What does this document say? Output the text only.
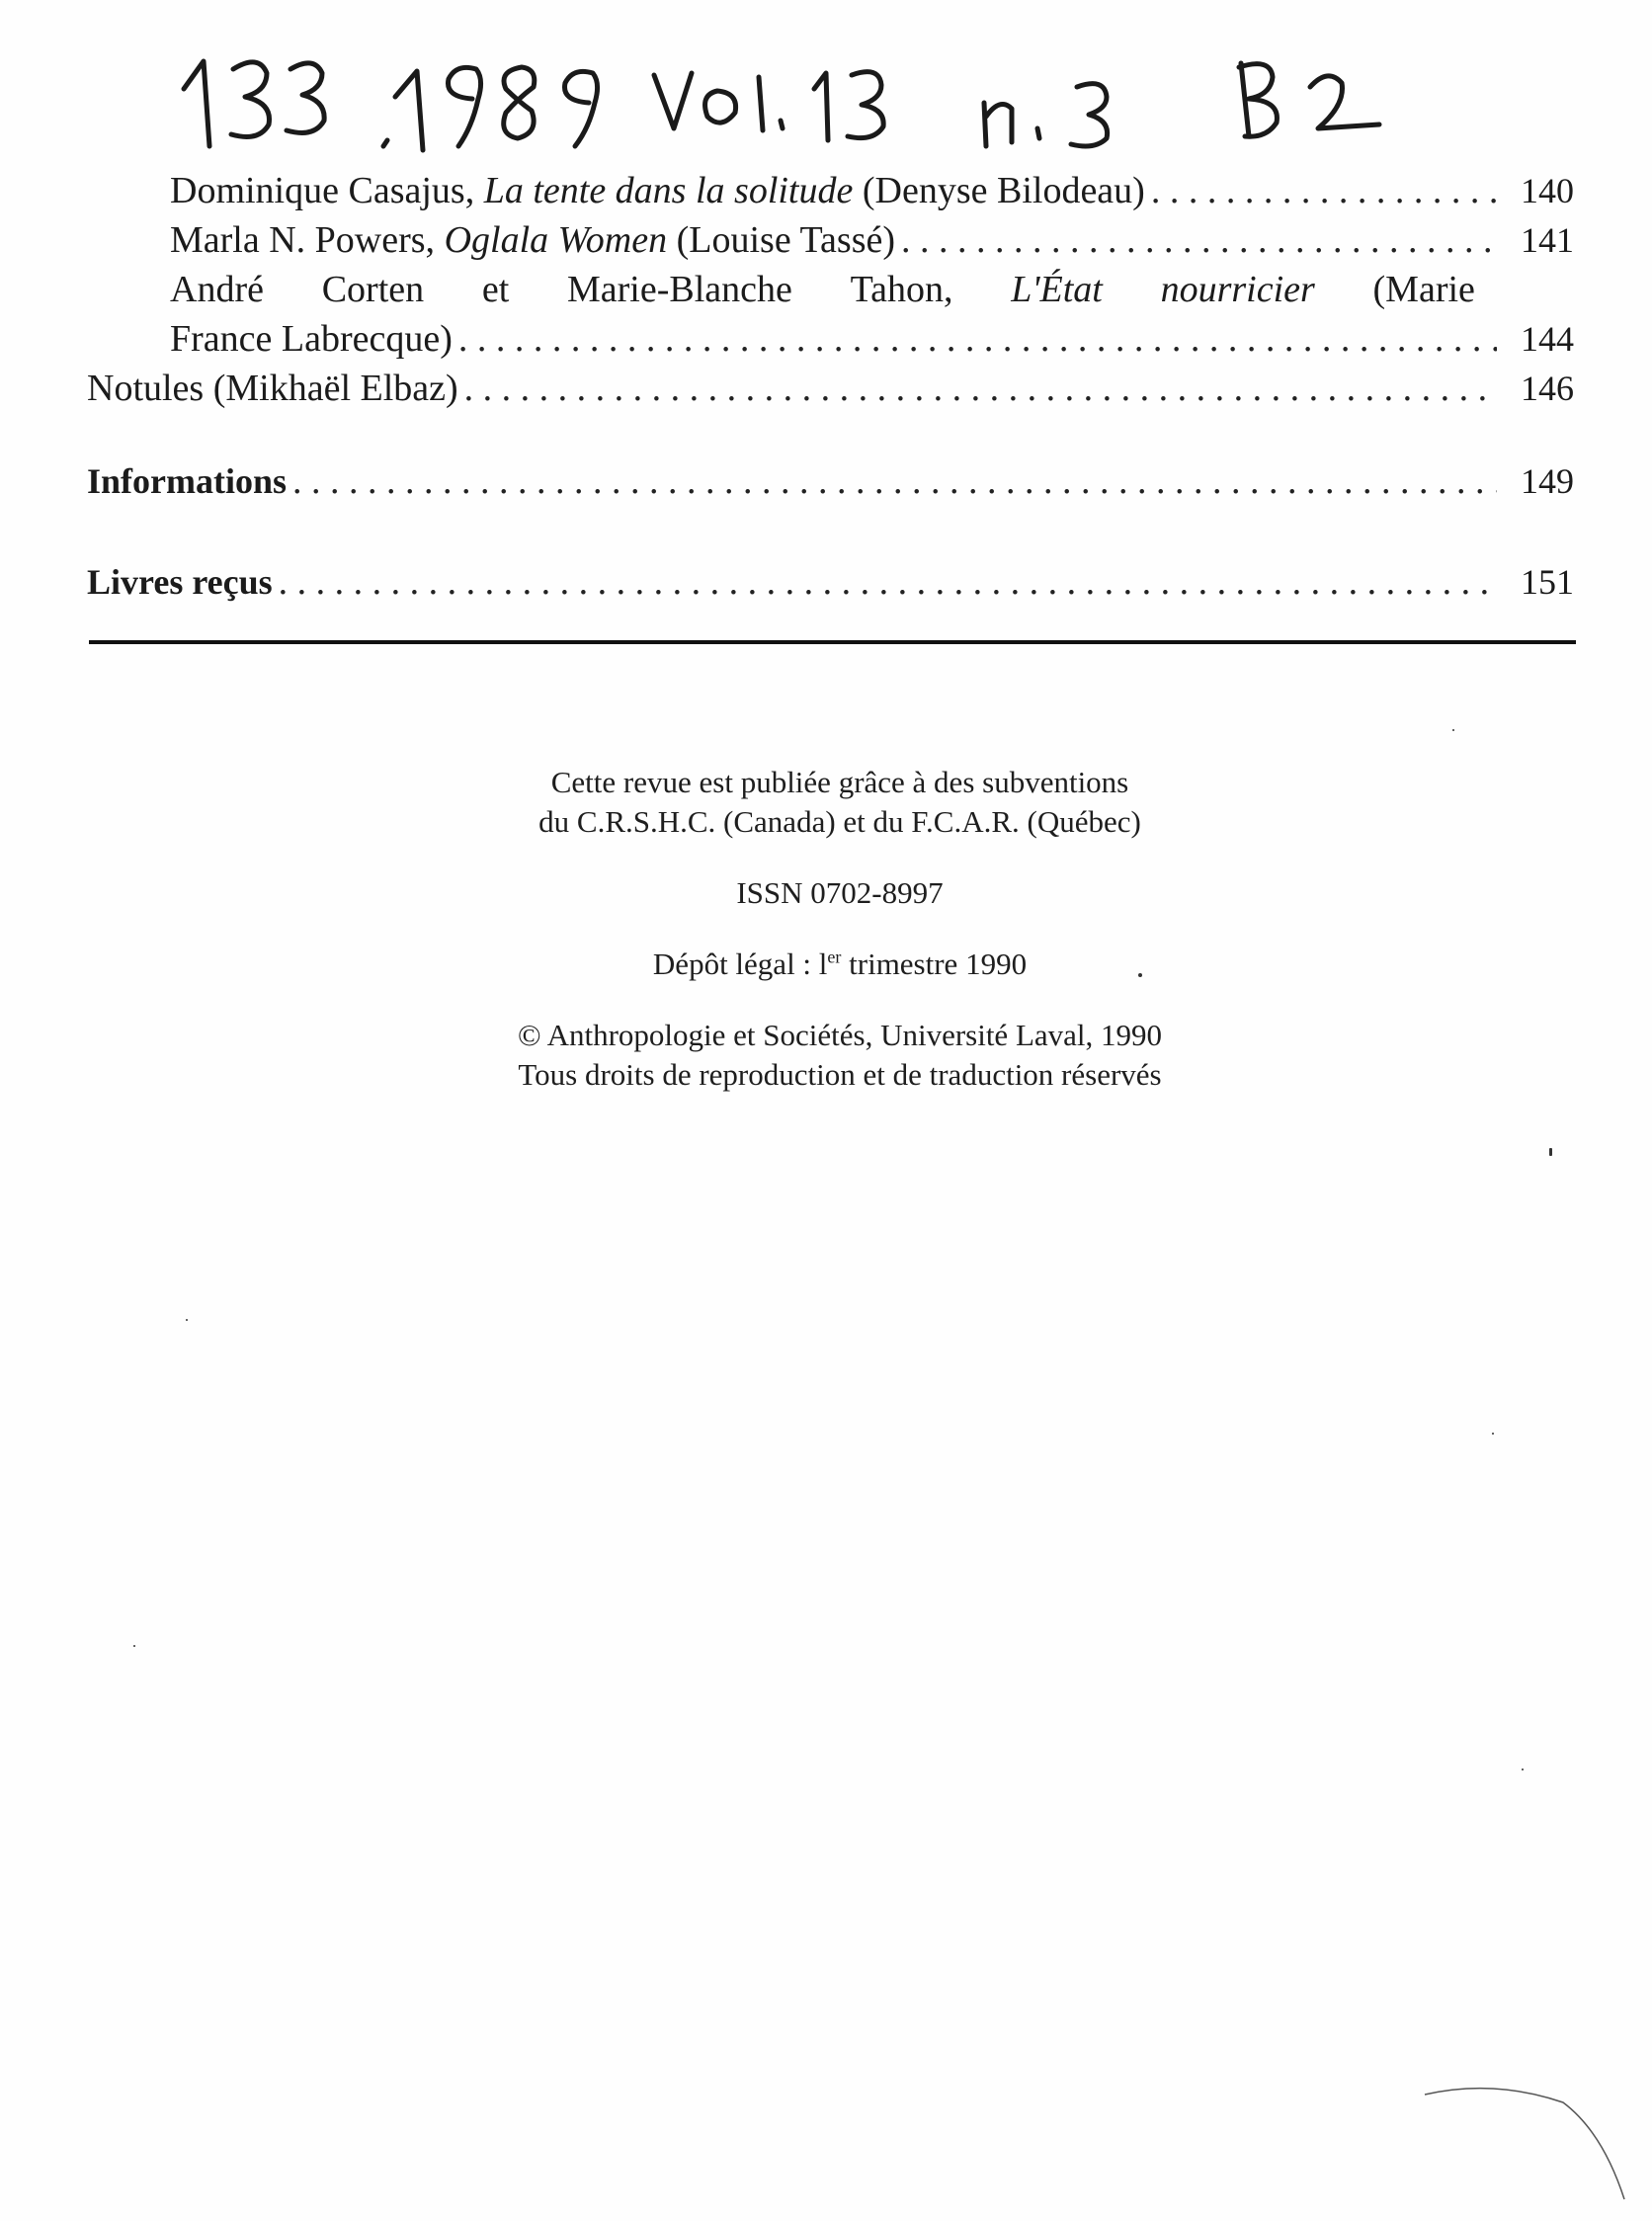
Dominique Casajus, La tente dans la solitude (Denyse Bilodeau) . . .	140
Marla N. Powers, Oglala Women (Louise Tassé) . . .	141
André Corten et Marie-Blanche Tahon, L'État nourricier (Marie
France Labrecque) . . .	144
Notules (Mikhaël Elbaz) . . .	146
Informations . . .	149
Livres reçus . . .	151

Cette revue est publiée grâce à des subventions

du C.R.S.H.C. (Canada) et du F.C.A.R. (Québec)

ISSN 0702-8997

Dépôt légal : $l^{er}$ trimestre 1990

© Anthropologie et Sociétés, Université Laval, 1990

Tous droits de reproduction et de traduction réservés
